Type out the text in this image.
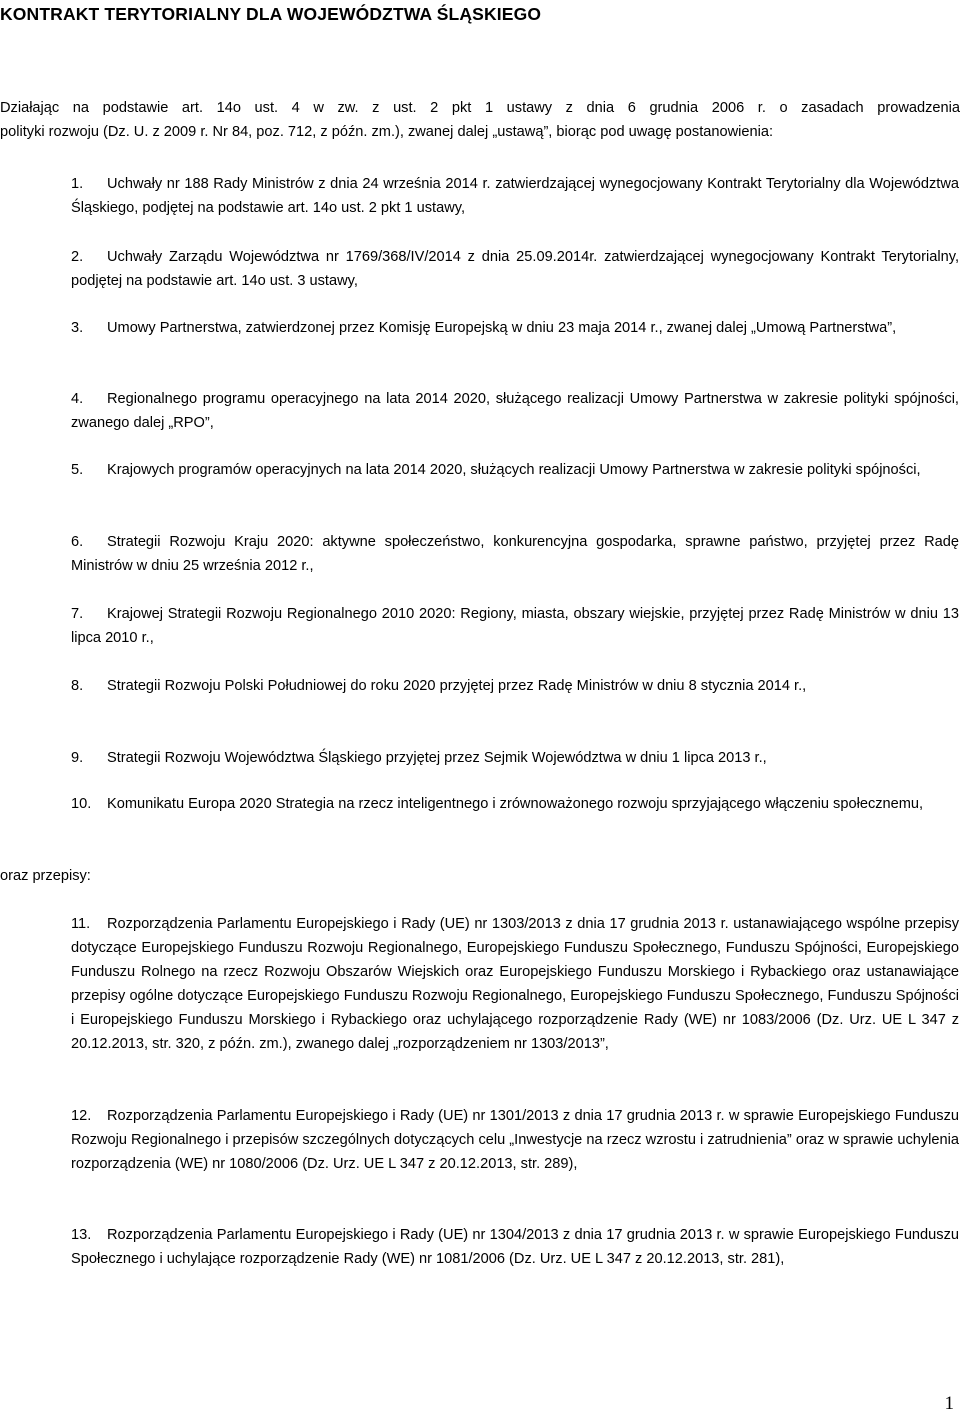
KONTRAKT TERYTORIALNY DLA WOJEWÓDZTWA ŚLĄSKIEGO
Działając na podstawie art. 14o ust. 4 w zw. z ust. 2 pkt 1 ustawy z dnia 6 grudnia 2006 r. o zasadach prowadzenia
polityki rozwoju (Dz. U. z 2009 r. Nr 84, poz. 712, z późn. zm.), zwanej dalej „ustawą”, biorąc pod uwagę postanowienia:

1. Uchwały nr 188 Rady Ministrów z dnia 24 września 2014 r. zatwierdzającej wynegocjowany Kontrakt Terytorialny dla Województwa Śląskiego, podjętej na podstawie art. 14o ust. 2 pkt 1 ustawy,

2. Uchwały Zarządu Województwa nr 1769/368/IV/2014 z dnia 25.09.2014r. zatwierdzającej wynegocjowany Kontrakt Terytorialny, podjętej na podstawie art. 14o ust. 3 ustawy,

3. Umowy Partnerstwa, zatwierdzonej przez Komisję Europejską w dniu 23 maja 2014 r., zwanej dalej „Umową Partnerstwa”,

4. Regionalnego programu operacyjnego na lata 2014 2020, służącego realizacji Umowy Partnerstwa w zakresie polityki spójności, zwanego dalej „RPO”,

5. Krajowych programów operacyjnych na lata 2014 2020, służących realizacji Umowy Partnerstwa w zakresie polityki spójności,

6. Strategii Rozwoju Kraju 2020: aktywne społeczeństwo, konkurencyjna gospodarka, sprawne państwo, przyjętej przez Radę Ministrów w dniu 25 września 2012 r.,

7. Krajowej Strategii Rozwoju Regionalnego 2010 2020: Regiony, miasta, obszary wiejskie, przyjętej przez Radę Ministrów w dniu 13 lipca 2010 r.,

8. Strategii Rozwoju Polski Południowej do roku 2020 przyjętej przez Radę Ministrów w dniu 8 stycznia 2014 r.,

9. Strategii Rozwoju Województwa Śląskiego przyjętej przez Sejmik Województwa w dniu 1 lipca 2013 r.,

10. Komunikatu Europa 2020 Strategia na rzecz inteligentnego i zrównoważonego rozwoju sprzyjającego włączeniu społecznemu,

oraz przepisy:

11. Rozporządzenia Parlamentu Europejskiego i Rady (UE) nr 1303/2013 z dnia 17 grudnia 2013 r. ustanawiającego wspólne przepisy dotyczące Europejskiego Funduszu Rozwoju Regionalnego, Europejskiego Funduszu Społecznego, Funduszu Spójności, Europejskiego Funduszu Rolnego na rzecz Rozwoju Obszarów Wiejskich oraz Europejskiego Funduszu Morskiego i Rybackiego oraz ustanawiające przepisy ogólne dotyczące Europejskiego Funduszu Rozwoju Regionalnego, Europejskiego Funduszu Społecznego, Funduszu Spójności i Europejskiego Funduszu Morskiego i Rybackiego oraz uchylającego rozporządzenie Rady (WE) nr 1083/2006 (Dz. Urz. UE L 347 z 20.12.2013, str. 320, z późn. zm.), zwanego dalej „rozporządzeniem nr 1303/2013”,

12. Rozporządzenia Parlamentu Europejskiego i Rady (UE) nr 1301/2013 z dnia 17 grudnia 2013 r. w sprawie Europejskiego Funduszu Rozwoju Regionalnego i przepisów szczególnych dotyczących celu „Inwestycje na rzecz wzrostu i zatrudnienia” oraz w sprawie uchylenia rozporządzenia (WE) nr 1080/2006 (Dz. Urz. UE L 347 z 20.12.2013, str. 289),

13. Rozporządzenia Parlamentu Europejskiego i Rady (UE) nr 1304/2013 z dnia 17 grudnia 2013 r. w sprawie Europejskiego Funduszu Społecznego i uchylające rozporządzenie Rady (WE) nr 1081/2006 (Dz. Urz. UE L 347 z 20.12.2013, str. 281),

1
